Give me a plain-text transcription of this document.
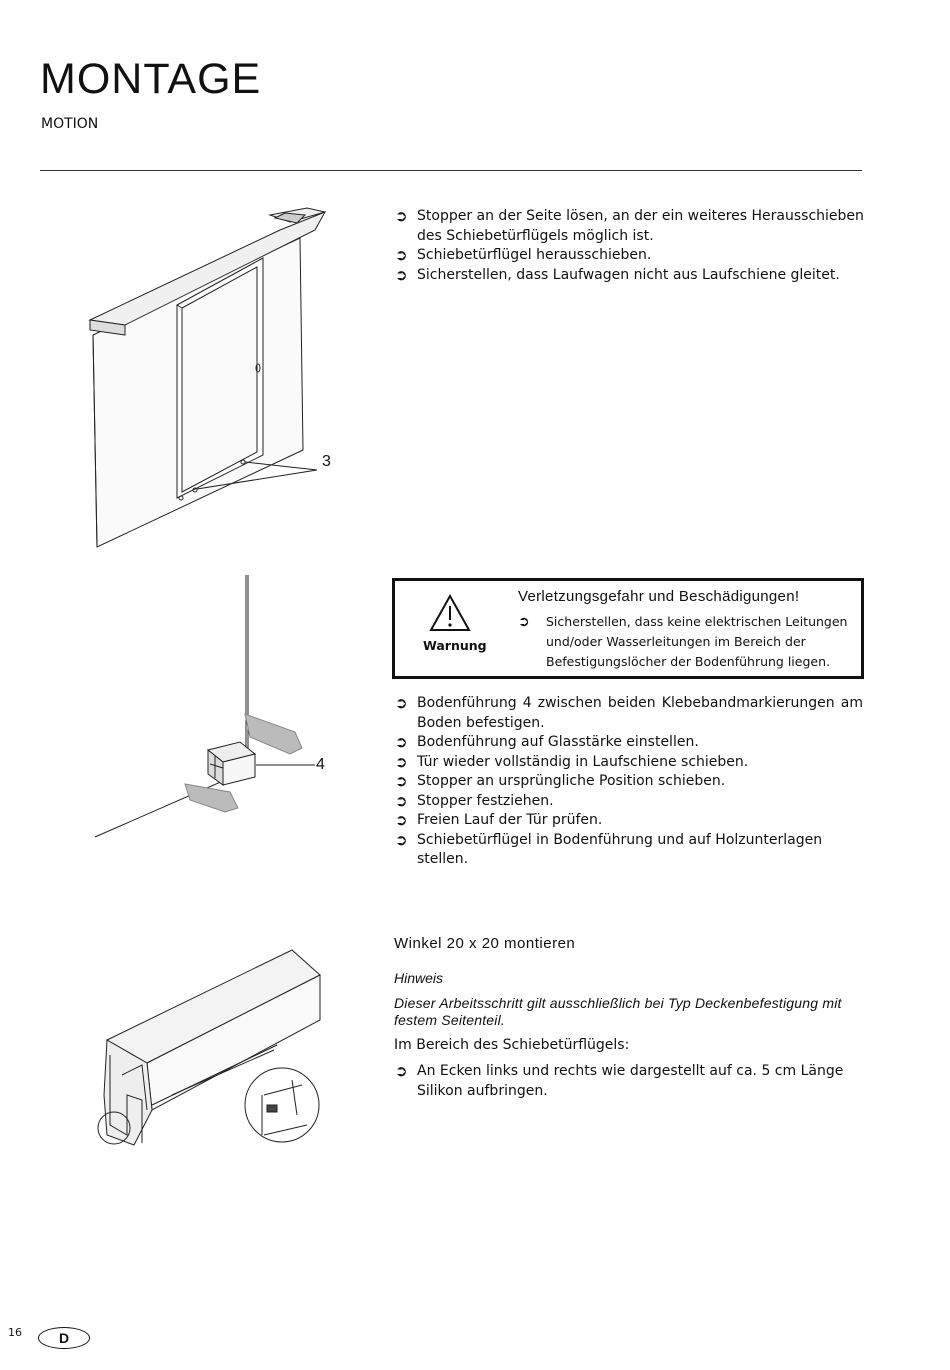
MONTAGE
MOTION
3
➲ Stopper an der Seite lösen, an der ein weiteres Herausschieben des Schiebetürflügels möglich ist.
➲ Schiebetürflügel herausschieben.
➲ Sicherstellen, dass Laufwagen nicht aus Laufschiene gleitet.
Warnung
Verletzungsgefahr und Beschädigungen!
➲	Sicherstellen, dass keine elektrischen Leitungen und/oder Wasserleitungen im Bereich der Befestigungslöcher der Bodenführung liegen.
4
➲ Bodenführung 4 zwischen beiden Klebebandmarkierungen am Boden befestigen.
➲ Bodenführung auf Glasstärke einstellen.
➲ Tür wieder vollständig in Laufschiene schieben.
➲ Stopper an ursprüngliche Position schieben.
➲ Stopper festziehen.
➲ Freien Lauf der Tür prüfen.
➲ Schiebetürflügel in Bodenführung und auf Holzunterlagen stellen.
Winkel 20 x 20 montieren
Hinweis
Dieser Arbeitsschritt gilt ausschließlich bei Typ Deckenbefestigung mit festem Seitenteil.
Im Bereich des Schiebetürflügels:
➲ An Ecken links und rechts wie dargestellt auf ca. 5 cm Länge Silikon aufbringen.
16	D
